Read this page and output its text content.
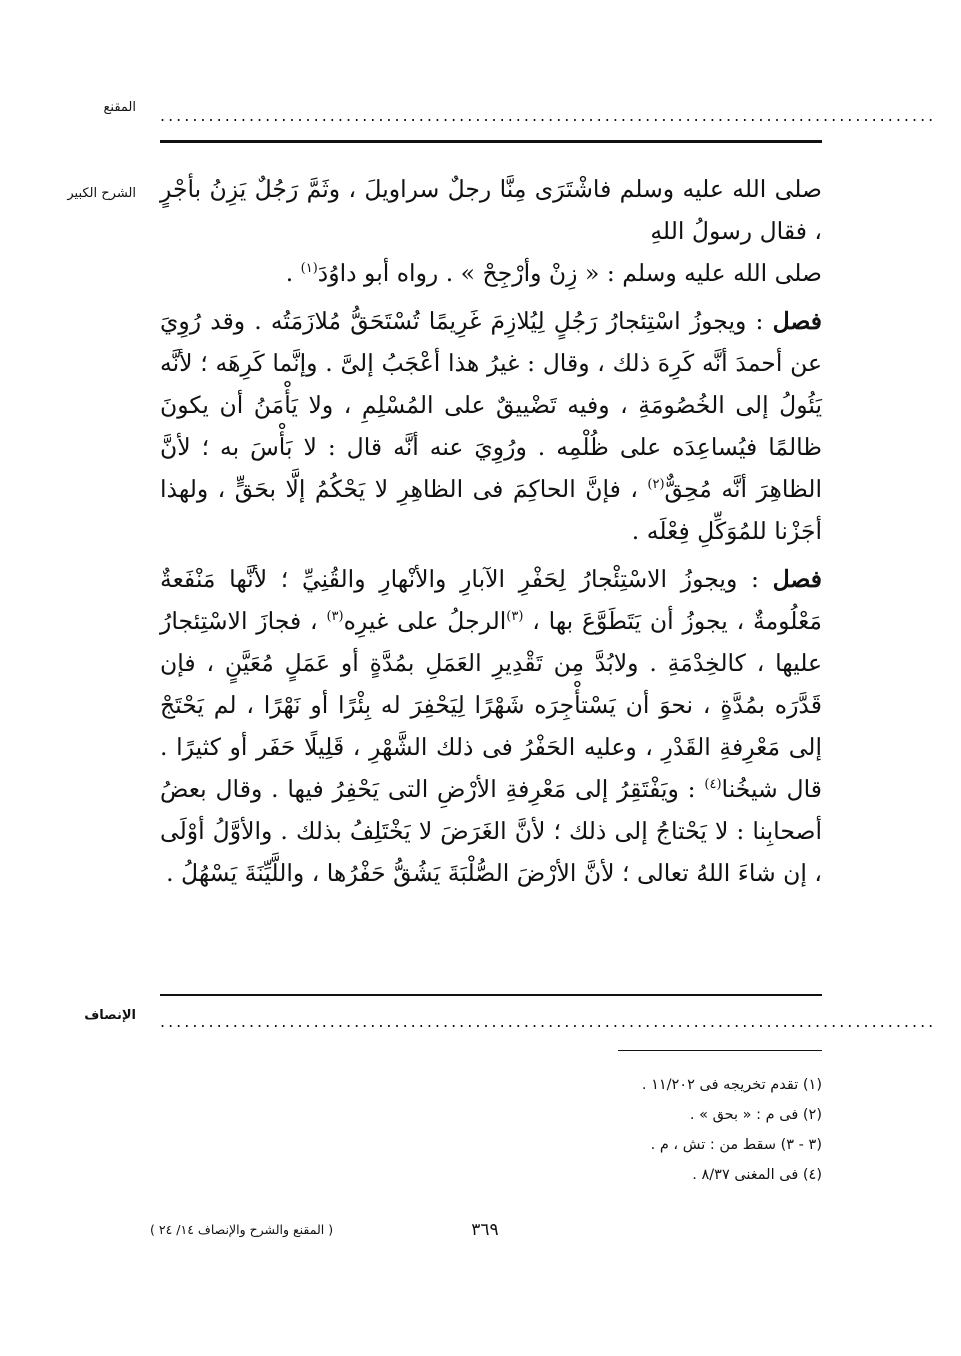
................................................................................................
المقنع
الشرح الكبير صلى الله عليه وسلم فاشْتَرَى مِنَّا رجلٌ سراويلَ ، وثَمَّ رَجُلٌ يَزِنُ بأجْرٍ ، فقال رسولُ اللهِ

صلى الله عليه وسلم : « زِنْ وأرْجِحْ » . رواه أبو داوُدَ$^{(١)}$ .

فصل : ويجوزُ اسْتِئجارُ رَجُلٍ لِيُلازِمَ غَرِيمًا تُسْتَحَقُّ مُلازَمَتُه . وقد رُوِيَ عن أحمدَ أنَّه كَرِهَ ذلك ، وقال : غيرُ هذا أعْجَبُ إلىَّ . وإنَّما كَرِهَه ؛ لأنَّه يَئُولُ إلى الخُصُومَةِ ، وفيه تَضْييقٌ على المُسْلِمِ ، ولا يَأْمَنُ أن يكونَ ظالمًا فيُساعِدَه على ظُلْمِه . ورُوِيَ عنه أنَّه قال : لا بَأْسَ به ؛ لأنَّ الظاهِرَ أنَّه مُحِقٌّ$^{(٢)}$ ، فإنَّ الحاكِمَ فى الظاهِرِ لا يَحْكُمُ إلَّا بحَقٍّ ، ولهذا أجَزْنا للمُوَكِّلِ فِعْلَه .

فصل : ويجوزُ الاسْتِئْجارُ لِحَفْرِ الآبارِ والأنْهارِ والقُنِيِّ ؛ لأنَّها مَنْفَعةٌ مَعْلُومةٌ ، يجوزُ أن يَتَطَوَّعَ بها ، $^{(٣)}$الرجلُ على غيرِه$^{(٣)}$ ، فجازَ الاسْتِئجارُ عليها ، كالخِدْمَةِ . ولابُدَّ مِن تَقْدِيرِ العَمَلِ بمُدَّةٍ أو عَمَلٍ مُعَيَّنٍ ، فإن قَدَّرَه بمُدَّةٍ ، نحوَ أن يَسْتأْجِرَه شَهْرًا لِيَحْفِرَ له بِئْرًا أو نَهْرًا ، لم يَحْتَجْ إلى مَعْرِفةِ القَدْرِ ، وعليه الحَفْرُ فى ذلك الشَّهْرِ ، قَلِيلًا حَفَر أو كثيرًا . قال شيخُنا$^{(٤)}$ : ويَفْتَقِرُ إلى مَعْرِفةِ الأرْضِ التى يَحْفِرُ فيها . وقال بعضُ أصحابِنا : لا يَحْتاجُ إلى ذلك ؛ لأنَّ الغَرَضَ لا يَخْتَلِفُ بذلك . والأوَّلُ أوْلَى ، إن شاءَ اللهُ تعالى ؛ لأنَّ الأرْضَ الصُّلْبَةَ يَشُقُّ حَفْرُها ، واللَّيِّنَةَ يَسْهُلُ .

................................................................................................
الإنصاف
(١) تقدم تخريجه فى ١١/٢٠٢ .
(٢) فى م : « بحق » .
(٣ - ٣) سقط من : تش ، م .
(٤) فى المغنى ٨/٣٧ .
٣٦٩
( المقنع والشرح والإنصاف ١٤/ ٢٤ )
